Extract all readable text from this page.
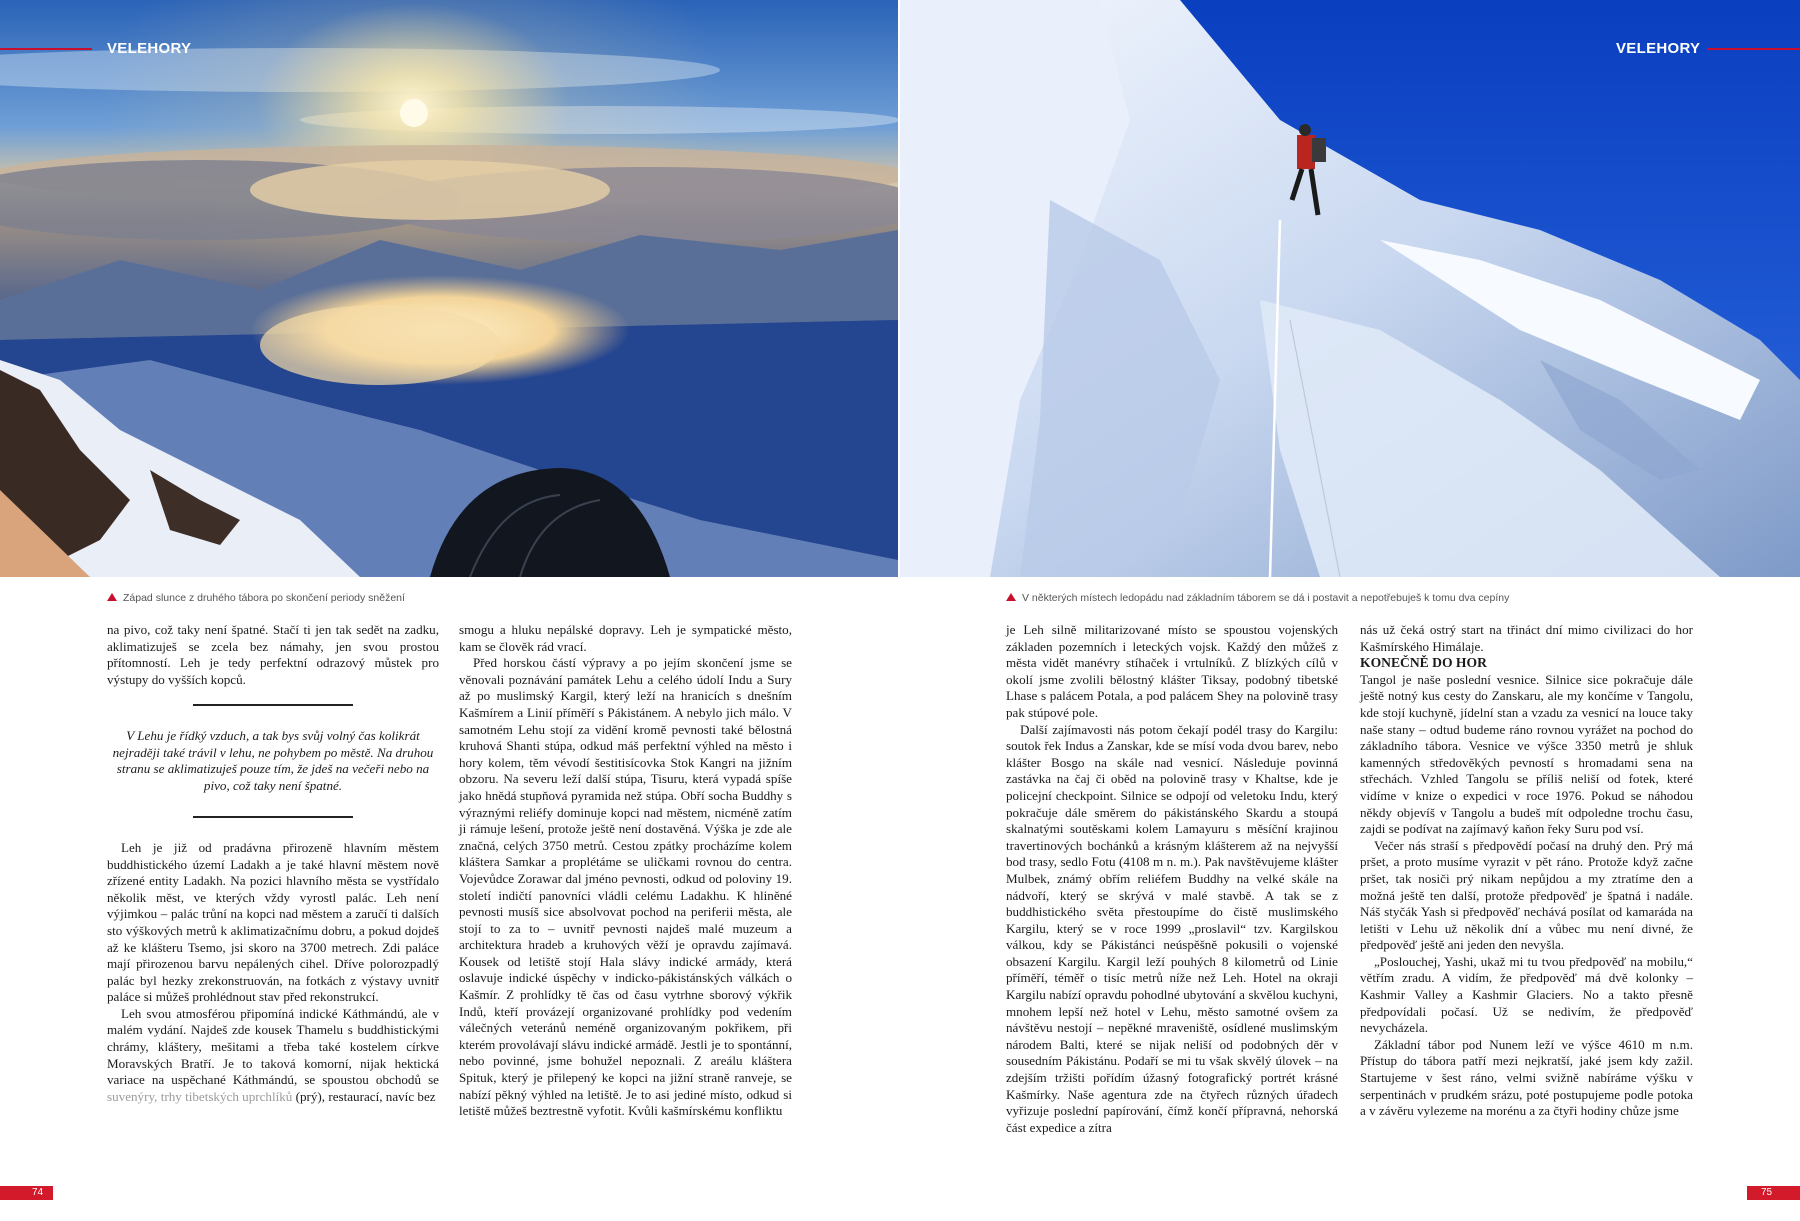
VELEHORY	VELEHORY
Západ slunce z druhého tábora po skončení periody sněžení	V některých místech ledopádu nad základním táborem se dá i postavit a nepotřebuješ k tomu dva cepíny

na pivo, což taky není špatné. Stačí ti jen tak sedět na zadku, aklimatizuješ se zcela bez námahy, jen svou prostou přítomností. Leh je tedy perfektní odrazový můstek pro výstupy do vyšších kopců.

V Lehu je řídký vzduch, a tak bys svůj volný čas kolikrát nejraději také trávil v lehu, ne pohybem po městě. Na druhou stranu se aklimatizuješ pouze tím, že jdeš na večeři nebo na pivo, což taky není špatné.

Leh je již od pradávna přirozeně hlavním městem buddhistického území Ladakh a je také hlavní městem nově zřízené entity Ladakh. Na pozici hlavního města se vystřídalo několik měst, ve kterých vždy vyrostl palác. Leh není výjimkou – palác trůní na kopci nad městem a zaručí ti dalších sto výškových metrů k aklimatizačnímu dobru, a pokud dojdeš až ke klášteru Tsemo, jsi skoro na 3700 metrech. Zdi paláce mají přirozenou barvu nepálených cihel. Dříve polorozpadlý palác byl hezky zrekonstruován, na fotkách z výstavy uvnitř paláce si můžeš prohlédnout stav před rekonstrukcí.

Leh svou atmosférou připomíná indické Káthmándú, ale v malém vydání. Najdeš zde kousek Thamelu s buddhistickými chrámy, kláštery, mešitami a třeba také kostelem církve Moravských Bratří. Je to taková komorní, nijak hektická variace na uspěchané Káthmándú, se spoustou obchodů se suvenýry, trhy tibetských uprchlíků (prý), restaurací, navíc bez

smogu a hluku nepálské dopravy. Leh je sympatické město, kam se člověk rád vrací.

Před horskou částí výpravy a po jejím skončení jsme se věnovali poznávání památek Lehu a celého údolí Indu a Sury až po muslimský Kargil, který leží na hranicích s dnešním Kašmírem a Linií příměří s Pákistánem. A nebylo jich málo. V samotném Lehu stojí za vidění kromě pevnosti také bělostná kruhová Shanti stúpa, odkud máš perfektní výhled na město i hory kolem, těm vévodí šestitisícovka Stok Kangri na jižním obzoru. Na severu leží další stúpa, Tisuru, která vypadá spíše jako hnědá stupňová pyramida než stúpa. Obří socha Buddhy s výraznými reliéfy dominuje kopci nad městem, nicméně zatím ji rámuje lešení, protože ještě není dostavěná. Výška je zde ale značná, celých 3750 metrů. Cestou zpátky procházíme kolem kláštera Samkar a proplétáme se uličkami rovnou do centra. Vojevůdce Zorawar dal jméno pevnosti, odkud od poloviny 19. století indičtí panovníci vládli celému Ladakhu. K hliněné pevnosti musíš sice absolvovat pochod na periferii města, ale stojí to za to – uvnitř pevnosti najdeš malé muzeum a architektura hradeb a kruhových věží je opravdu zajímavá. Kousek od letiště stojí Hala slávy indické armády, která oslavuje indické úspěchy v indicko-pákistánských válkách o Kašmír. Z prohlídky tě čas od času vytrhne sborový výkřik Indů, kteří provázejí organizované prohlídky pod vedením válečných veteránů neméně organizovaným pokřikem, při kterém provolávají slávu indické armádě. Jestli je to spontánní, nebo povinné, jsme bohužel nepoznali. Z areálu kláštera Spituk, který je přilepený ke kopci na jižní straně ranveje, se nabízí pěkný výhled na letiště. Je to asi jediné místo, odkud si letiště můžeš beztrestně vyfotit. Kvůli kašmírskému konfliktu

je Leh silně militarizované místo se spoustou vojenských základen pozemních i leteckých vojsk. Každý den můžeš z města vidět manévry stíhaček i vrtulníků. Z blízkých cílů v okolí jsme zvolili bělostný klášter Tiksay, podobný tibetské Lhase s palácem Potala, a pod palácem Shey na polovině trasy pak stúpové pole.

Další zajímavosti nás potom čekají podél trasy do Kargilu: soutok řek Indus a Zanskar, kde se mísí voda dvou barev, nebo klášter Bosgo na skále nad vesnicí. Následuje povinná zastávka na čaj či oběd na polovině trasy v Khaltse, kde je policejní checkpoint. Silnice se odpojí od veletoku Indu, který pokračuje dále směrem do pákistánského Skardu a stoupá skalnatými soutěskami kolem Lamayuru s měsíční krajinou travertinových bochánků a krásným klášterem až na nejvyšší bod trasy, sedlo Fotu (4108 m n. m.). Pak navštěvujeme klášter Mulbek, známý obřím reliéfem Buddhy na velké skále na nádvoří, který se skrývá v malé stavbě. A tak se z buddhistického světa přestoupíme do čistě muslimského Kargilu, který se v roce 1999 „proslavil“ tzv. Kargilskou válkou, kdy se Pákistánci neúspěšně pokusili o vojenské obsazení Kargilu. Kargil leží pouhých 8 kilometrů od Linie příměří, téměř o tisíc metrů níže než Leh. Hotel na okraji Kargilu nabízí opravdu pohodlné ubytování a skvělou kuchyni, mnohem lepší než hotel v Lehu, město samotné ovšem za návštěvu nestojí – nepěkné mraveniště, osídlené muslimským národem Balti, které se nijak neliší od podobných děr v sousedním Pákistánu. Podaří se mi tu však skvělý úlovek – na zdejším tržišti pořídím úžasný fotografický portrét krásné Kašmírky. Naše agentura zde na čtyřech různých úřadech vyřizuje poslední papírování, čímž končí přípravná, nehorská část expedice a zítra

nás už čeká ostrý start na třináct dní mimo civilizaci do hor Kašmírského Himálaje.

KONEČNĚ DO HOR

Tangol je naše poslední vesnice. Silnice sice pokračuje dále ještě notný kus cesty do Zanskaru, ale my končíme v Tangolu, kde stojí kuchyně, jídelní stan a vzadu za vesnicí na louce taky naše stany – odtud budeme ráno rovnou vyrážet na pochod do základního tábora. Vesnice ve výšce 3350 metrů je shluk kamenných středověkých pevností s hromadami sena na střechách. Vzhled Tangolu se příliš neliší od fotek, které vidíme v knize o expedici v roce 1976. Pokud se náhodou někdy objevíš v Tangolu a budeš mít odpoledne trochu času, zajdi se podívat na zajímavý kaňon řeky Suru pod vsí.

Večer nás straší s předpovědí počasí na druhý den. Prý má pršet, a proto musíme vyrazit v pět ráno. Protože když začne pršet, tak nosiči prý nikam nepůjdou a my ztratíme den a možná ještě ten další, protože předpověď je špatná i nadále. Náš styčák Yash si předpověď nechává posílat od kamaráda na letišti v Lehu už několik dní a vůbec mu není divné, že předpověď ještě ani jeden den nevyšla.

„Poslouchej, Yashi, ukaž mi tu tvou předpověď na mobilu,“ větřím zradu. A vidím, že předpověď má dvě kolonky – Kashmir Valley a Kashmir Glaciers. No a takto přesně předpovídali počasí. Už se nedivím, že předpověď nevycházela.

Základní tábor pod Nunem leží ve výšce 4610 m n.m. Přístup do tábora patří mezi nejkratší, jaké jsem kdy zažil. Startujeme v šest ráno, velmi svižně nabíráme výšku v serpentinách v prudkém srázu, poté postupujeme podle potoka a v závěru vylezeme na morénu a za čtyři hodiny chůze jsme

74	75
